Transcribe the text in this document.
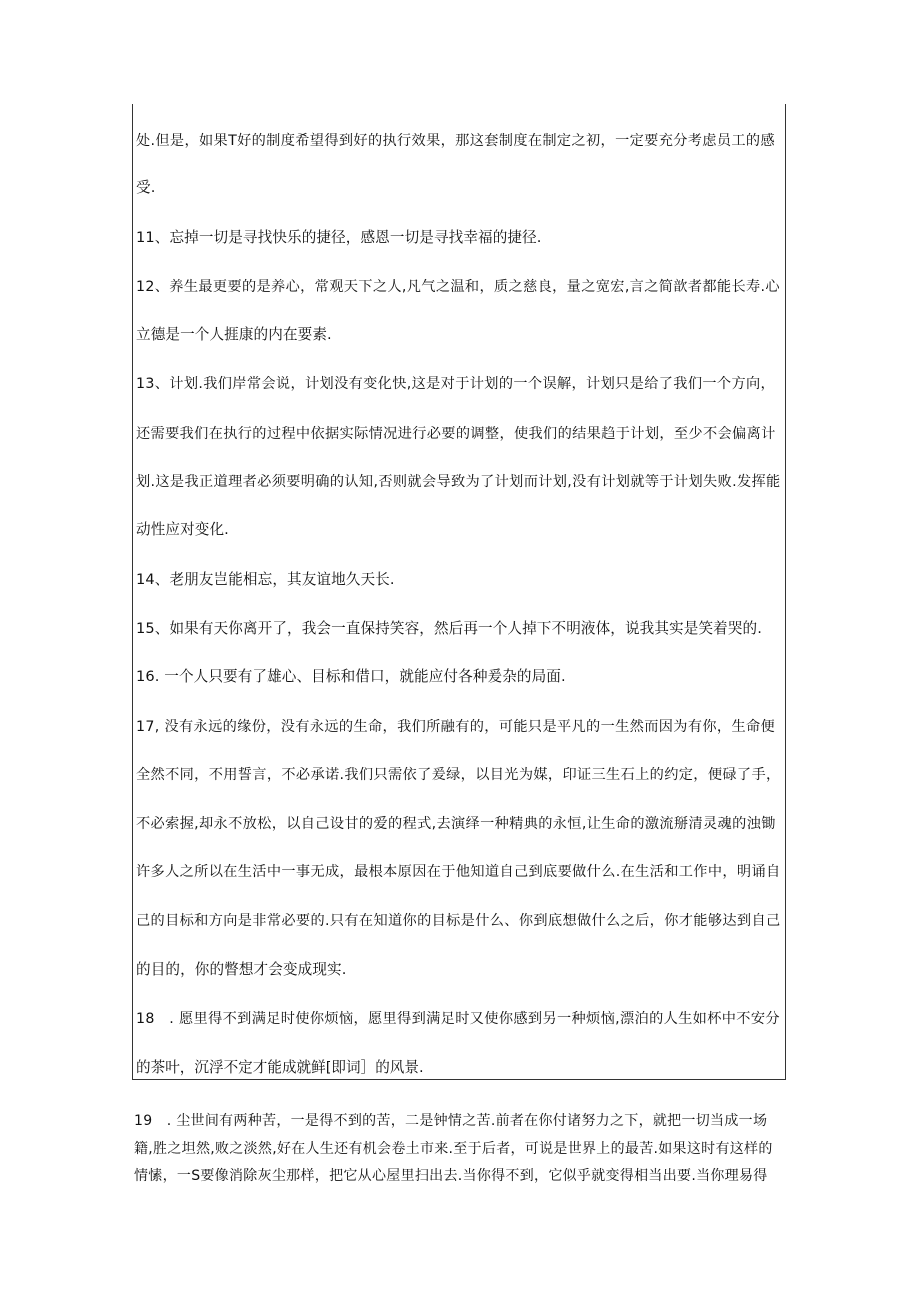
处.但是，如果T好的制度希望得到好的执行效果，那这套制度在制定之初，一定要充分考虑员工的感
受.
11、忘掉一切是寻找快乐的捷径，感恩一切是寻找幸福的捷径.
12、养生最更要的是养心，常观天下之人,凡气之温和，质之慈良，量之宽宏,言之简歆者都能长寿.心
立德是一个人捱康的内在要素.
13、计划.我们岸常会说，计划没有变化快,这是对于计划的一个误解，计划只是给了我们一个方向，
还需要我们在执行的过程中依据实际情况进行必要的调整，使我们的结果趋于计划，至少不会偏离计
划.这是我正道理者必须要明确的认知,否则就会导致为了计划而计划,没有计划就等于计划失败.发挥能
动性应对变化.
14、老朋友岂能相忘，其友谊地久天长.
15、如果有天你离开了，我会一直保持笑容，然后再一个人掉下不明液体，说我其实是笑着哭的.
16. 一个人只要有了雄心、目标和借口，就能应付各种爰杂的局面.
17, 没有永远的缘份，没有永远的生命，我们所融有的，可能只是平凡的一生然而因为有你，生命便
全然不同，不用誓言，不必承诺.我们只需依了爰绿，以目光为媒，印证三生石上的约定，便碌了手，
不必索握,却永不放松，以自己设甘的爱的程式,去演绎一种精典的永恒,让生命的激流掰清灵魂的浊锄
许多人之所以在生活中一事无成，最根本原因在于他知道自己到底要做什么.在生活和工作中，明诵自
己的目标和方向是非常必要的.只有在知道你的目标是什么、你到底想做什么之后，你才能够达到自己
的目的，你的瞥想才会变成现实.
18　. 愿里得不到满足时使你烦恼，愿里得到满足时又使你感到另一种烦恼,漂泊的人生如杯中不安分
的茶叶，沉浮不定才能成就鲜[即词］的风景.
19　. 尘世间有两种苦，一是得不到的苦，二是钟情之苦.前者在你付诸努力之下，就把一切当成一场
籍,胜之坦然,败之淡然,好在人生还有机会卷土市来.至于后者，可说是世界上的最苦.如果这时有这样的
情愫，一S要像消除灰尘那样，把它从心屋里扫出去.当你得不到，它似乎就变得相当出要.当你理易得
